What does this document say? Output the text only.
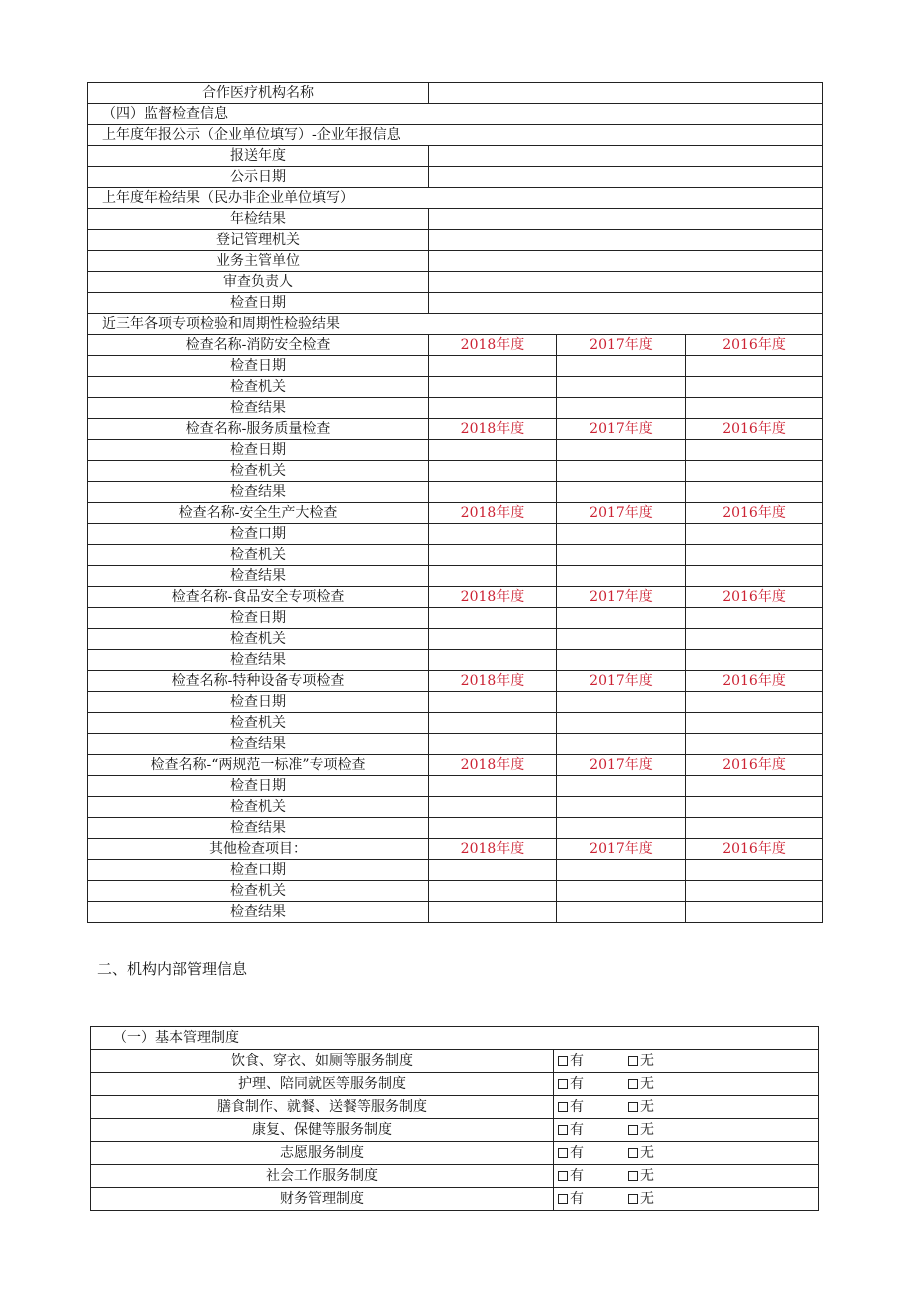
合作医疗机构名称			
（四）监督检查信息			
上年度年报公示（企业单位填写）-企业年报信息			
报送年度			
公示日期			
上年度年检结果（民办非企业单位填写）			
年检结果			
登记管理机关			
业务主管单位			
审查负责人			
检查日期			
近三年各项专项检验和周期性检验结果			
检查名称-消防安全检查	2018年度	2017年度	2016年度
检查日期			
检查机关			
检查结果			
检查名称-服务质量检查	2018年度	2017年度	2016年度
检查日期			
检查机关			
检查结果			
检查名称-安全生产大检查	2018年度	2017年度	2016年度
检查口期			
检查机关			
检查结果			
检查名称-食品安全专项检查	2018年度	2017年度	2016年度
检查日期			
检查机关			
检查结果			
检查名称-特种设备专项检查	2018年度	2017年度	2016年度
检查日期			
检查机关			
检查结果			
检查名称-“两规范一标准”专项检查	2018年度	2017年度	2016年度
检查日期			
检查机关			
检查结果			
其他检查项目：	2018年度	2017年度	2016年度
检查口期			
检查机关			
检查结果			
二、机构内部管理信息
（一）基本管理制度	
饮食、穿衣、如厕等服务制度	有 无
护理、陪同就医等服务制度	有 无
膳食制作、就餐、送餐等服务制度	有 无
康复、保健等服务制度	有 无
志愿服务制度	有 无
社会工作服务制度	有 无
财务管理制度	有 无
